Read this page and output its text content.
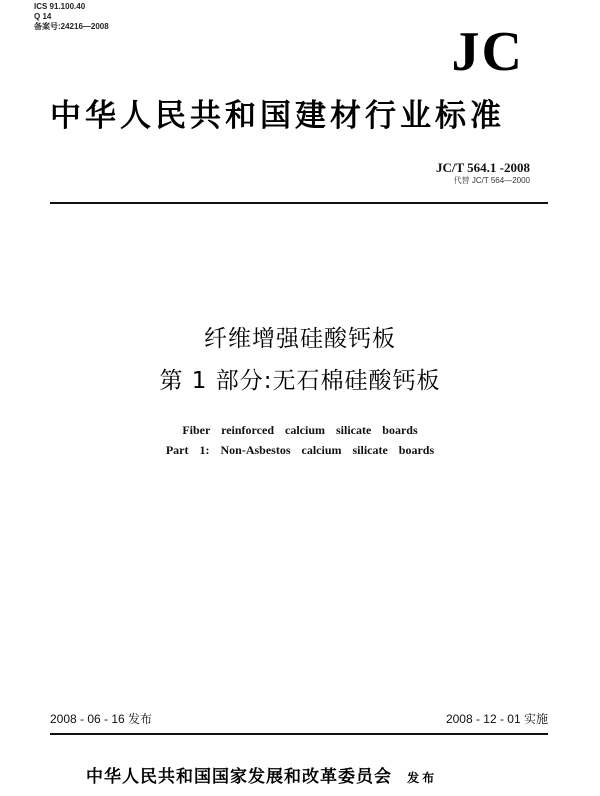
ICS 91.100.40
Q 14
备案号:24216—2008	JC
中华人民共和国建材行业标准
JC/T 564.1 -2008
代替 JC/T 564—2000
纤维增强硅酸钙板
第 1 部分:无石棉硅酸钙板
Fiber reinforced calcium silicate boards
Part 1: Non-Asbestos calcium silicate boards
2008 - 06 - 16 发布	2008 - 12 - 01 实施
中华人民共和国国家发展和改革委员会 发布
